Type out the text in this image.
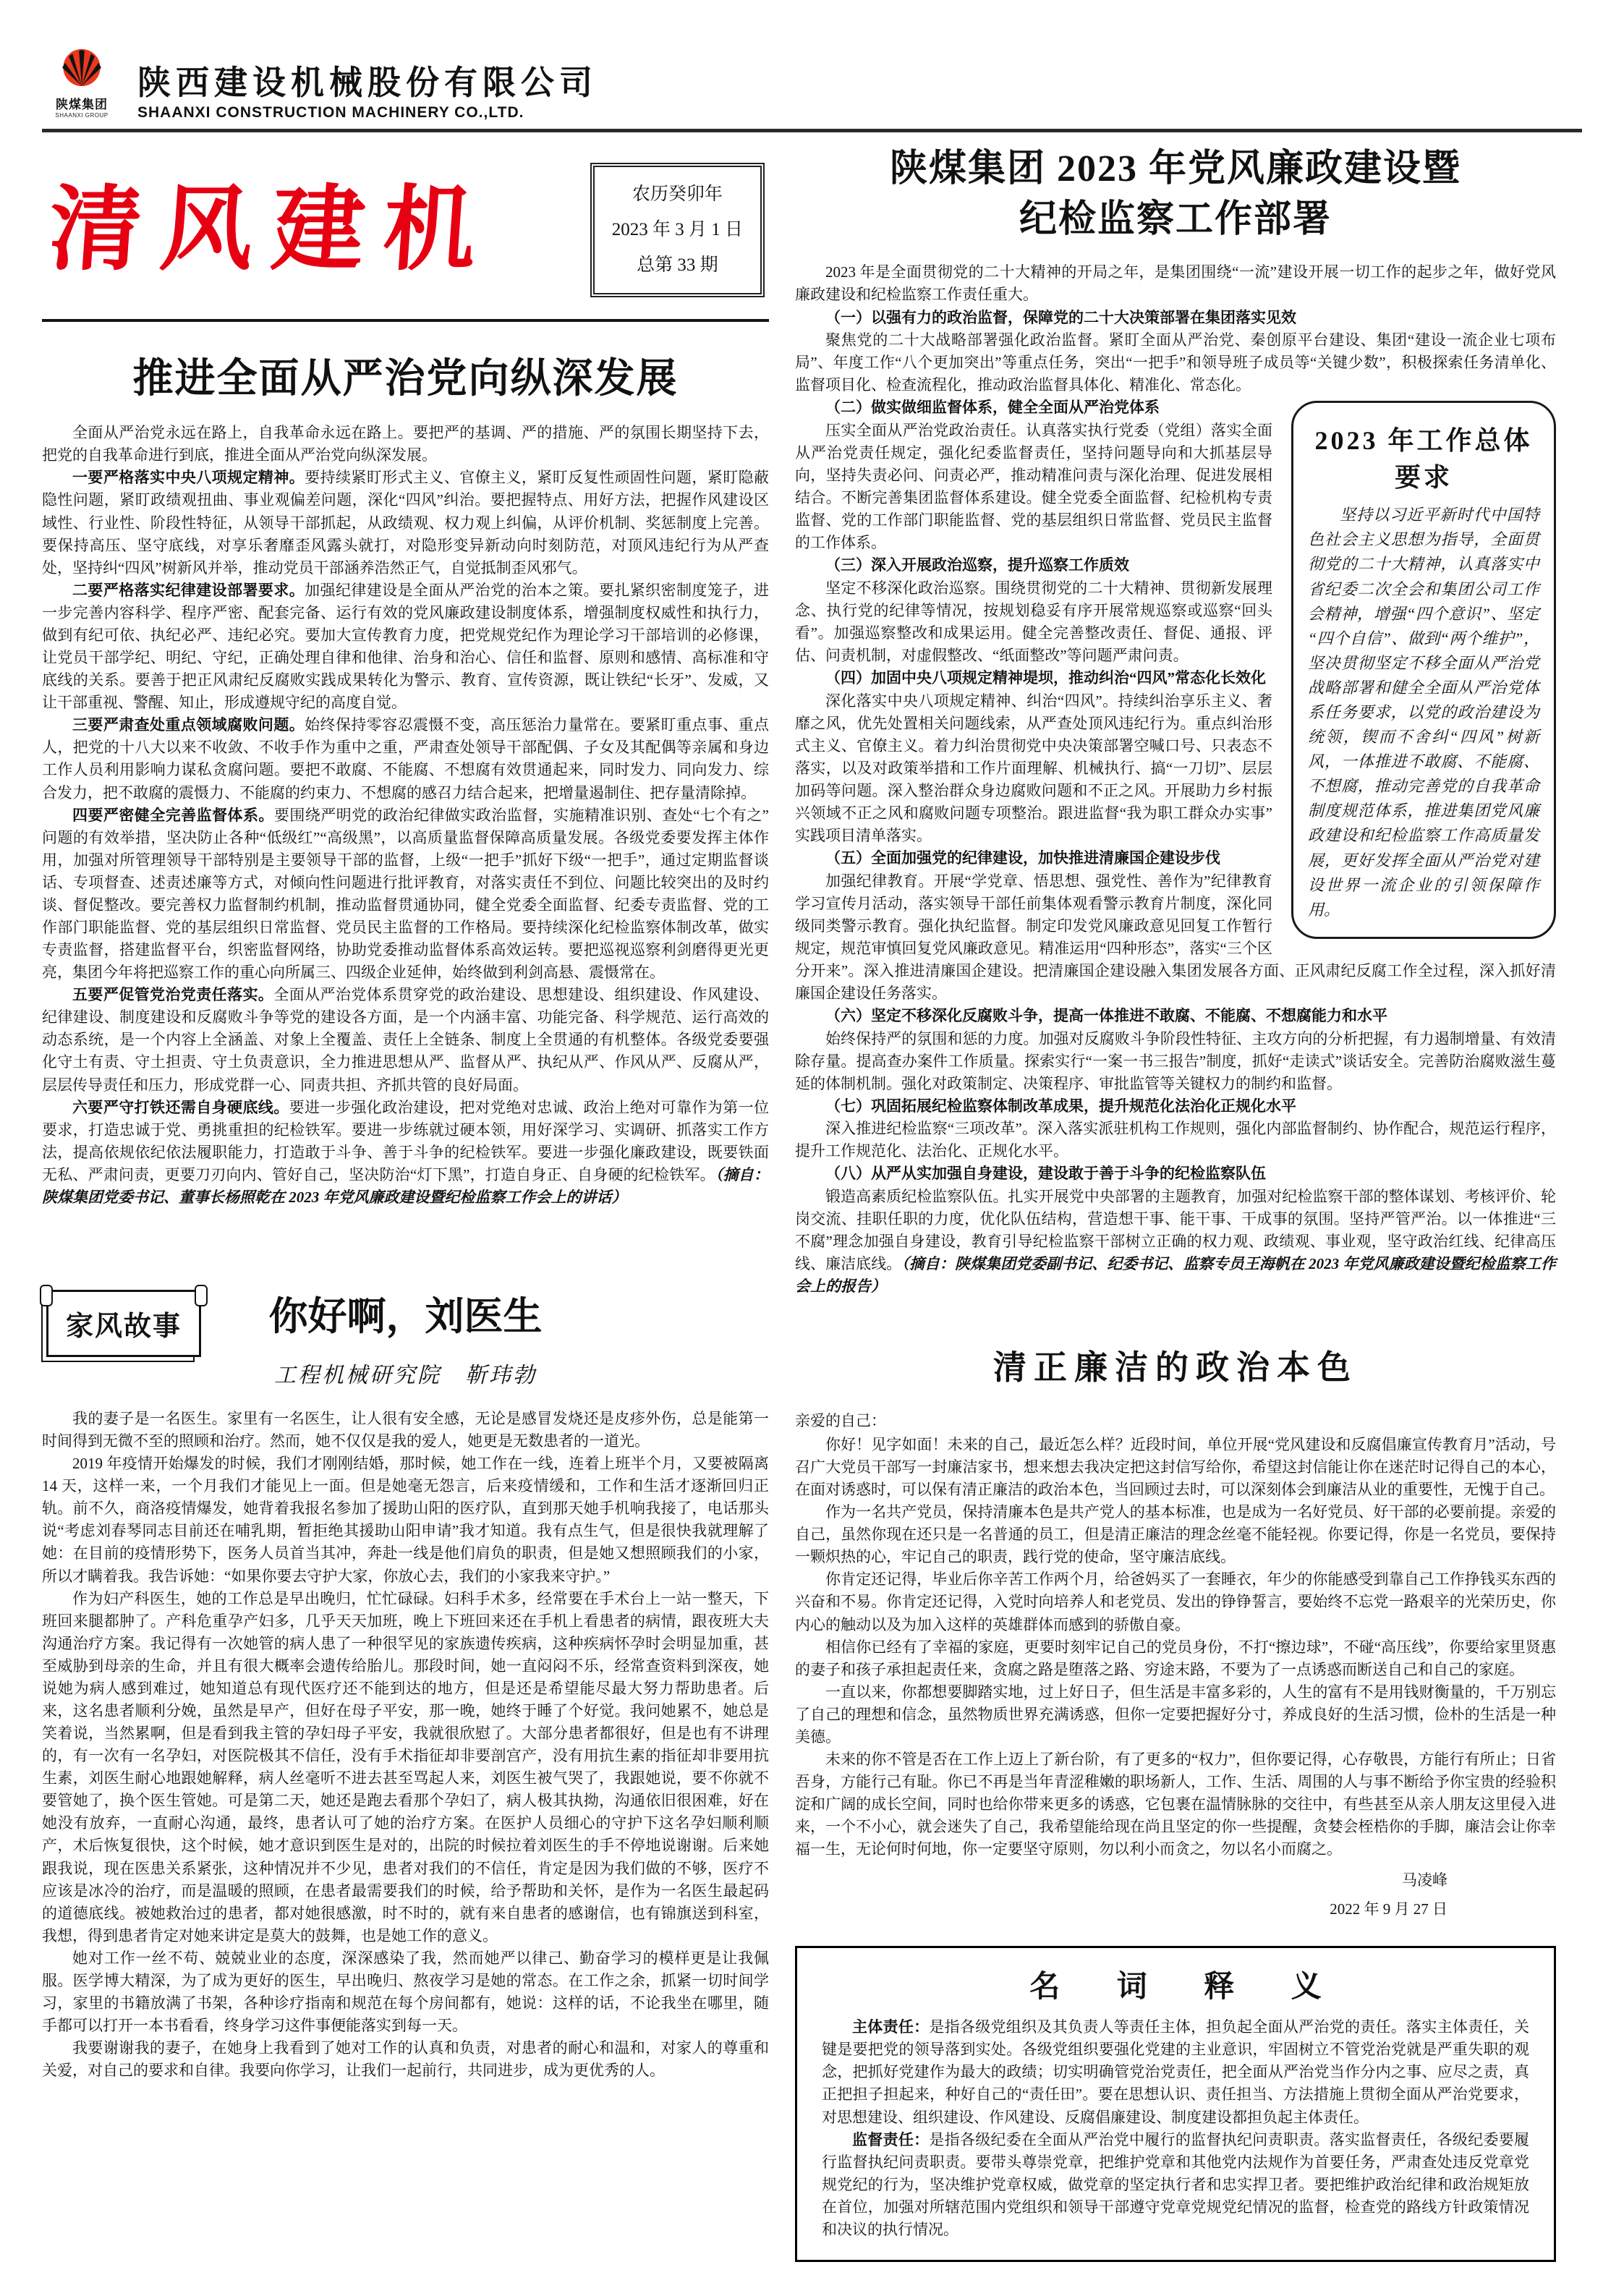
陕煤集团
SHAANXI GROUP
陕西建设机械股份有限公司
SHAANXI CONSTRUCTION MACHINERY CO.,LTD.
清风建机	农历癸卯年
2023 年 3 月 1 日
总第 33 期
推进全面从严治党向纵深发展

全面从严治党永远在路上，自我革命永远在路上。要把严的基调、严的措施、严的氛围长期坚持下去，把党的自我革命进行到底，推进全面从严治党向纵深发展。

一要严格落实中央八项规定精神。要持续紧盯形式主义、官僚主义，紧盯反复性顽固性问题，紧盯隐蔽隐性问题，紧盯政绩观扭曲、事业观偏差问题，深化“四风”纠治。要把握特点、用好方法，把握作风建设区域性、行业性、阶段性特征，从领导干部抓起，从政绩观、权力观上纠偏，从评价机制、奖惩制度上完善。要保持高压、坚守底线，对享乐奢靡歪风露头就打，对隐形变异新动向时刻防范，对顶风违纪行为从严查处，坚持纠“四风”树新风并举，推动党员干部涵养浩然正气，自觉抵制歪风邪气。

二要严格落实纪律建设部署要求。加强纪律建设是全面从严治党的治本之策。要扎紧织密制度笼子，进一步完善内容科学、程序严密、配套完备、运行有效的党风廉政建设制度体系，增强制度权威性和执行力，做到有纪可依、执纪必严、违纪必究。要加大宣传教育力度，把党规党纪作为理论学习干部培训的必修课，让党员干部学纪、明纪、守纪，正确处理自律和他律、治身和治心、信任和监督、原则和感情、高标准和守底线的关系。要善于把正风肃纪反腐败实践成果转化为警示、教育、宣传资源，既让铁纪“长牙”、发威，又让干部重视、警醒、知止，形成遵规守纪的高度自觉。

三要严肃查处重点领域腐败问题。始终保持零容忍震慑不变，高压惩治力量常在。要紧盯重点事、重点人，把党的十八大以来不收敛、不收手作为重中之重，严肃查处领导干部配偶、子女及其配偶等亲属和身边工作人员利用影响力谋私贪腐问题。要把不敢腐、不能腐、不想腐有效贯通起来，同时发力、同向发力、综合发力，把不敢腐的震慑力、不能腐的约束力、不想腐的感召力结合起来，把增量遏制住、把存量清除掉。

四要严密健全完善监督体系。要围绕严明党的政治纪律做实政治监督，实施精准识别、查处“七个有之”问题的有效举措，坚决防止各种“低级红”“高级黑”，以高质量监督保障高质量发展。各级党委要发挥主体作用，加强对所管理领导干部特别是主要领导干部的监督，上级“一把手”抓好下级“一把手”，通过定期监督谈话、专项督查、述责述廉等方式，对倾向性问题进行批评教育，对落实责任不到位、问题比较突出的及时约谈、督促整改。要完善权力监督制约机制，推动监督贯通协同，健全党委全面监督、纪委专责监督、党的工作部门职能监督、党的基层组织日常监督、党员民主监督的工作格局。要持续深化纪检监察体制改革，做实专责监督，搭建监督平台，织密监督网络，协助党委推动监督体系高效运转。要把巡视巡察利剑磨得更光更亮，集团今年将把巡察工作的重心向所属三、四级企业延伸，始终做到利剑高悬、震慑常在。

五要严促管党治党责任落实。全面从严治党体系贯穿党的政治建设、思想建设、组织建设、作风建设、纪律建设、制度建设和反腐败斗争等党的建设各方面，是一个内涵丰富、功能完备、科学规范、运行高效的动态系统，是一个内容上全涵盖、对象上全覆盖、责任上全链条、制度上全贯通的有机整体。各级党委要强化守土有责、守土担责、守土负责意识，全力推进思想从严、监督从严、执纪从严、作风从严、反腐从严，层层传导责任和压力，形成党群一心、同责共担、齐抓共管的良好局面。

六要严守打铁还需自身硬底线。要进一步强化政治建设，把对党绝对忠诚、政治上绝对可靠作为第一位要求，打造忠诚于党、勇挑重担的纪检铁军。要进一步练就过硬本领，用好深学习、实调研、抓落实工作方法，提高依规依纪依法履职能力，打造敢于斗争、善于斗争的纪检铁军。要进一步强化廉政建设，既要铁面无私、严肃问责，更要刀刃向内、管好自己，坚决防治“灯下黑”，打造自身正、自身硬的纪检铁军。（摘自：陕煤集团党委书记、董事长杨照乾在 2023 年党风廉政建设暨纪检监察工作会上的讲话）

家风故事	你好啊，刘医生
工程机械研究院　靳玮勃

我的妻子是一名医生。家里有一名医生，让人很有安全感，无论是感冒发烧还是皮疹外伤，总是能第一时间得到无微不至的照顾和治疗。然而，她不仅仅是我的爱人，她更是无数患者的一道光。

2019 年疫情开始爆发的时候，我们才刚刚结婚，那时候，她工作在一线，连着上班半个月，又要被隔离 14 天，这样一来，一个月我们才能见上一面。但是她毫无怨言，后来疫情缓和，工作和生活才逐渐回归正轨。前不久，商洛疫情爆发，她背着我报名参加了援助山阳的医疗队，直到那天她手机响我接了，电话那头说“考虑刘春琴同志目前还在哺乳期，暂拒绝其援助山阳申请”我才知道。我有点生气，但是很快我就理解了她：在目前的疫情形势下，医务人员首当其冲，奔赴一线是他们肩负的职责，但是她又想照顾我们的小家，所以才瞒着我。我告诉她：“如果你要去守护大家，你放心去，我们的小家我来守护。”

作为妇产科医生，她的工作总是早出晚归，忙忙碌碌。妇科手术多，经常要在手术台上一站一整天，下班回来腿都肿了。产科危重孕产妇多，几乎天天加班，晚上下班回来还在手机上看患者的病情，跟夜班大夫沟通治疗方案。我记得有一次她管的病人患了一种很罕见的家族遗传疾病，这种疾病怀孕时会明显加重，甚至威胁到母亲的生命，并且有很大概率会遗传给胎儿。那段时间，她一直闷闷不乐，经常查资料到深夜，她说她为病人感到难过，她知道总有现代医疗还不能到达的地方，但是还是希望能尽最大努力帮助患者。后来，这名患者顺利分娩，虽然是早产，但好在母子平安，那一晚，她终于睡了个好觉。我问她累不，她总是笑着说，当然累啊，但是看到我主管的孕妇母子平安，我就很欣慰了。大部分患者都很好，但是也有不讲理的，有一次有一名孕妇，对医院极其不信任，没有手术指征却非要剖宫产，没有用抗生素的指征却非要用抗生素，刘医生耐心地跟她解释，病人丝毫听不进去甚至骂起人来，刘医生被气哭了，我跟她说，要不你就不要管她了，换个医生管她。可是第二天，她还是跑去看那个孕妇了，病人极其执拗，沟通依旧很困难，好在她没有放弃，一直耐心沟通，最终，患者认可了她的治疗方案。在医护人员细心的守护下这名孕妇顺利顺产，术后恢复很快，这个时候，她才意识到医生是对的，出院的时候拉着刘医生的手不停地说谢谢。后来她跟我说，现在医患关系紧张，这种情况并不少见，患者对我们的不信任，肯定是因为我们做的不够，医疗不应该是冰冷的治疗，而是温暖的照顾，在患者最需要我们的时候，给予帮助和关怀，是作为一名医生最起码的道德底线。被她救治过的患者，都对她很感激，时不时的，就有来自患者的感谢信，也有锦旗送到科室，我想，得到患者肯定对她来讲定是莫大的鼓舞，也是她工作的意义。

她对工作一丝不苟、兢兢业业的态度，深深感染了我，然而她严以律己、勤奋学习的模样更是让我佩服。医学博大精深，为了成为更好的医生，早出晚归、熬夜学习是她的常态。在工作之余，抓紧一切时间学习，家里的书籍放满了书架，各种诊疗指南和规范在每个房间都有，她说：这样的话，不论我坐在哪里，随手都可以打开一本书看看，终身学习这件事便能落实到每一天。

我要谢谢我的妻子，在她身上我看到了她对工作的认真和负责，对患者的耐心和温和，对家人的尊重和关爱，对自己的要求和自律。我要向你学习，让我们一起前行，共同进步，成为更优秀的人。

陕煤集团 2023 年党风廉政建设暨
纪检监察工作部署

2023 年是全面贯彻党的二十大精神的开局之年，是集团围绕“一流”建设开展一切工作的起步之年，做好党风廉政建设和纪检监察工作责任重大。

（一）以强有力的政治监督，保障党的二十大决策部署在集团落实见效

聚焦党的二十大战略部署强化政治监督。紧盯全面从严治党、秦创原平台建设、集团“建设一流企业七项布局”、年度工作“八个更加突出”等重点任务，突出“一把手”和领导班子成员等“关键少数”，积极探索任务清单化、监督项目化、检查流程化，推动政治监督具体化、精准化、常态化。

2023 年工作总体要求
坚持以习近平新时代中国特色社会主义思想为指导，全面贯彻党的二十大精神，认真落实中省纪委二次全会和集团公司工作会精神，增强“四个意识”、坚定“四个自信”、做到“两个维护”，坚决贯彻坚定不移全面从严治党战略部署和健全全面从严治党体系任务要求，以党的政治建设为统领，锲而不舍纠“四风”树新风，一体推进不敢腐、不能腐、不想腐，推动完善党的自我革命制度规范体系，推进集团党风廉政建设和纪检监察工作高质量发展，更好发挥全面从严治党对建设世界一流企业的引领保障作用。

（二）做实做细监督体系，健全全面从严治党体系

压实全面从严治党政治责任。认真落实执行党委（党组）落实全面从严治党责任规定，强化纪委监督责任，坚持问题导向和大抓基层导向，坚持失责必问、问责必严，推动精准问责与深化治理、促进发展相结合。不断完善集团监督体系建设。健全党委全面监督、纪检机构专责监督、党的工作部门职能监督、党的基层组织日常监督、党员民主监督的工作体系。

（三）深入开展政治巡察，提升巡察工作质效

坚定不移深化政治巡察。围绕贯彻党的二十大精神、贯彻新发展理念、执行党的纪律等情况，按规划稳妥有序开展常规巡察或巡察“回头看”。加强巡察整改和成果运用。健全完善整改责任、督促、通报、评估、问责机制，对虚假整改、“纸面整改”等问题严肃问责。

（四）加固中央八项规定精神堤坝，推动纠治“四风”常态化长效化

深化落实中央八项规定精神、纠治“四风”。持续纠治享乐主义、奢靡之风，优先处置相关问题线索，从严查处顶风违纪行为。重点纠治形式主义、官僚主义。着力纠治贯彻党中央决策部署空喊口号、只表态不落实，以及对政策举措和工作片面理解、机械执行、搞“一刀切”、层层加码等问题。深入整治群众身边腐败问题和不正之风。开展助力乡村振兴领域不正之风和腐败问题专项整治。跟进监督“我为职工群众办实事”实践项目清单落实。

（五）全面加强党的纪律建设，加快推进清廉国企建设步伐

加强纪律教育。开展“学党章、悟思想、强党性、善作为”纪律教育学习宣传月活动，落实领导干部任前集体观看警示教育片制度，深化同级同类警示教育。强化执纪监督。制定印发党风廉政意见回复工作暂行规定，规范审慎回复党风廉政意见。精准运用“四种形态”，落实“三个区分开来”。深入推进清廉国企建设。把清廉国企建设融入集团发展各方面、正风肃纪反腐工作全过程，深入抓好清廉国企建设任务落实。

（六）坚定不移深化反腐败斗争，提高一体推进不敢腐、不能腐、不想腐能力和水平

始终保持严的氛围和惩的力度。加强对反腐败斗争阶段性特征、主攻方向的分析把握，有力遏制增量、有效清除存量。提高查办案件工作质量。探索实行“一案一书三报告”制度，抓好“走读式”谈话安全。完善防治腐败滋生蔓延的体制机制。强化对政策制定、决策程序、审批监管等关键权力的制约和监督。

（七）巩固拓展纪检监察体制改革成果，提升规范化法治化正规化水平

深入推进纪检监察“三项改革”。深入落实派驻机构工作规则，强化内部监督制约、协作配合，规范运行程序，提升工作规范化、法治化、正规化水平。

（八）从严从实加强自身建设，建设敢于善于斗争的纪检监察队伍

锻造高素质纪检监察队伍。扎实开展党中央部署的主题教育，加强对纪检监察干部的整体谋划、考核评价、轮岗交流、挂职任职的力度，优化队伍结构，营造想干事、能干事、干成事的氛围。坚持严管严治。以一体推进“三不腐”理念加强自身建设，教育引导纪检监察干部树立正确的权力观、政绩观、事业观，坚守政治红线、纪律高压线、廉洁底线。（摘自：陕煤集团党委副书记、纪委书记、监察专员王海帆在 2023 年党风廉政建设暨纪检监察工作会上的报告）

清正廉洁的政治本色

亲爱的自己：

你好！见字如面！未来的自己，最近怎么样？近段时间，单位开展“党风建设和反腐倡廉宣传教育月”活动，号召广大党员干部写一封廉洁家书，想来想去我决定把这封信写给你，希望这封信能让你在迷茫时记得自己的本心，在面对诱惑时，可以保有清正廉洁的政治本色，当回顾过去时，可以深刻体会到廉洁从业的重要性，无愧于自己。

作为一名共产党员，保持清廉本色是共产党人的基本标准，也是成为一名好党员、好干部的必要前提。亲爱的自己，虽然你现在还只是一名普通的员工，但是清正廉洁的理念丝毫不能轻视。你要记得，你是一名党员，要保持一颗炽热的心，牢记自己的职责，践行党的使命，坚守廉洁底线。

你肯定还记得，毕业后你辛苦工作两个月，给爸妈买了一套睡衣，年少的你能感受到靠自己工作挣钱买东西的兴奋和不易。你肯定还记得，入党时向培养人和老党员、发出的铮铮誓言，要始终不忘党一路艰辛的光荣历史，你内心的触动以及为加入这样的英雄群体而感到的骄傲自豪。

相信你已经有了幸福的家庭，更要时刻牢记自己的党员身份，不打“擦边球”，不碰“高压线”，你要给家里贤惠的妻子和孩子承担起责任来，贪腐之路是堕落之路、穷途末路，不要为了一点诱惑而断送自己和自己的家庭。

一直以来，你都想要脚踏实地，过上好日子，但生活是丰富多彩的，人生的富有不是用钱财衡量的，千万别忘了自己的理想和信念，虽然物质世界充满诱惑，但你一定要把握好分寸，养成良好的生活习惯，俭朴的生活是一种美德。

未来的你不管是否在工作上迈上了新台阶，有了更多的“权力”，但你要记得，心存敬畏，方能行有所止；日省吾身，方能行己有耻。你已不再是当年青涩稚嫩的职场新人，工作、生活、周围的人与事不断给予你宝贵的经验积淀和广阔的成长空间，同时也给你带来更多的诱惑，它包裹在温情脉脉的交往中，有些甚至从亲人朋友这里侵入进来，一个不小心，就会迷失了自己，我希望能给现在尚且坚定的你一些提醒，贪婪会桎梏你的手脚，廉洁会让你幸福一生，无论何时何地，你一定要坚守原则，勿以利小而贪之，勿以名小而腐之。

马凌峰
2022 年 9 月 27 日
名 词 释 义

主体责任：是指各级党组织及其负责人等责任主体，担负起全面从严治党的责任。落实主体责任，关键是要把党的领导落到实处。各级党组织要强化党建的主业意识，牢固树立不管党治党就是严重失职的观念，把抓好党建作为最大的政绩；切实明确管党治党责任，把全面从严治党当作分内之事、应尽之责，真正把担子担起来，种好自己的“责任田”。要在思想认识、责任担当、方法措施上贯彻全面从严治党要求，对思想建设、组织建设、作风建设、反腐倡廉建设、制度建设都担负起主体责任。

监督责任：是指各级纪委在全面从严治党中履行的监督执纪问责职责。落实监督责任，各级纪委要履行监督执纪问责职责。要带头尊崇党章，把维护党章和其他党内法规作为首要任务，严肃查处违反党章党规党纪的行为，坚决维护党章权威，做党章的坚定执行者和忠实捍卫者。要把维护政治纪律和政治规矩放在首位，加强对所辖范围内党组织和领导干部遵守党章党规党纪情况的监督，检查党的路线方针政策情况和决议的执行情况。
